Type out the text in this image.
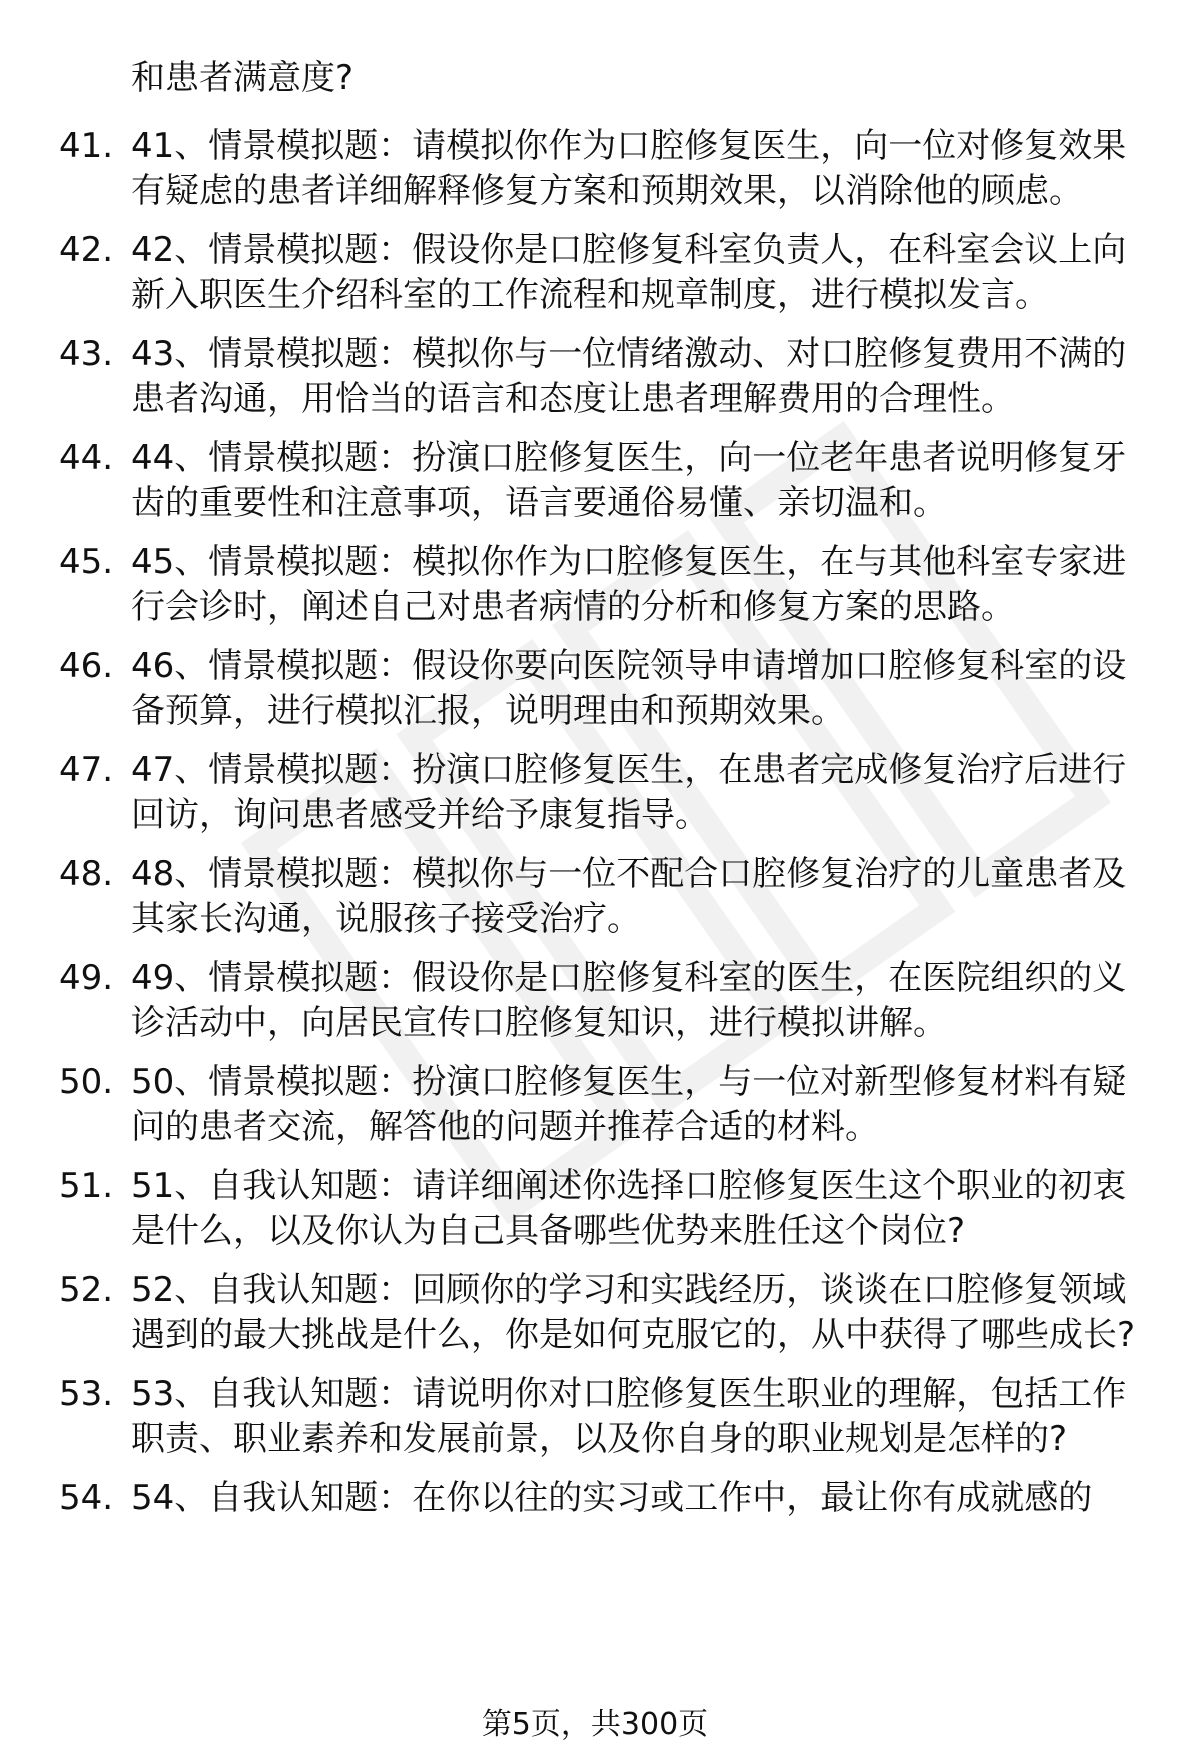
和患者满意度?
41. 41、情景模拟题：请模拟你作为口腔修复医生，向一位对修复效果有疑虑的患者详细解释修复方案和预期效果，以消除他的顾虑。
42. 42、情景模拟题：假设你是口腔修复科室负责人，在科室会议上向新入职医生介绍科室的工作流程和规章制度，进行模拟发言。
43. 43、情景模拟题：模拟你与一位情绪激动、对口腔修复费用不满的患者沟通，用恰当的语言和态度让患者理解费用的合理性。
44. 44、情景模拟题：扮演口腔修复医生，向一位老年患者说明修复牙齿的重要性和注意事项，语言要通俗易懂、亲切温和。
45. 45、情景模拟题：模拟你作为口腔修复医生，在与其他科室专家进行会诊时，阐述自己对患者病情的分析和修复方案的思路。
46. 46、情景模拟题：假设你要向医院领导申请增加口腔修复科室的设备预算，进行模拟汇报，说明理由和预期效果。
47. 47、情景模拟题：扮演口腔修复医生，在患者完成修复治疗后进行回访，询问患者感受并给予康复指导。
48. 48、情景模拟题：模拟你与一位不配合口腔修复治疗的儿童患者及其家长沟通，说服孩子接受治疗。
49. 49、情景模拟题：假设你是口腔修复科室的医生，在医院组织的义诊活动中，向居民宣传口腔修复知识，进行模拟讲解。
50. 50、情景模拟题：扮演口腔修复医生，与一位对新型修复材料有疑问的患者交流，解答他的问题并推荐合适的材料。
51. 51、自我认知题：请详细阐述你选择口腔修复医生这个职业的初衷是什么，以及你认为自己具备哪些优势来胜任这个岗位?
52. 52、自我认知题：回顾你的学习和实践经历，谈谈在口腔修复领域遇到的最大挑战是什么，你是如何克服它的，从中获得了哪些成长?
53. 53、自我认知题：请说明你对口腔修复医生职业的理解，包括工作职责、职业素养和发展前景，以及你自身的职业规划是怎样的?
54. 54、自我认知题：在你以往的实习或工作中，最让你有成就感的
第5页，共300页
